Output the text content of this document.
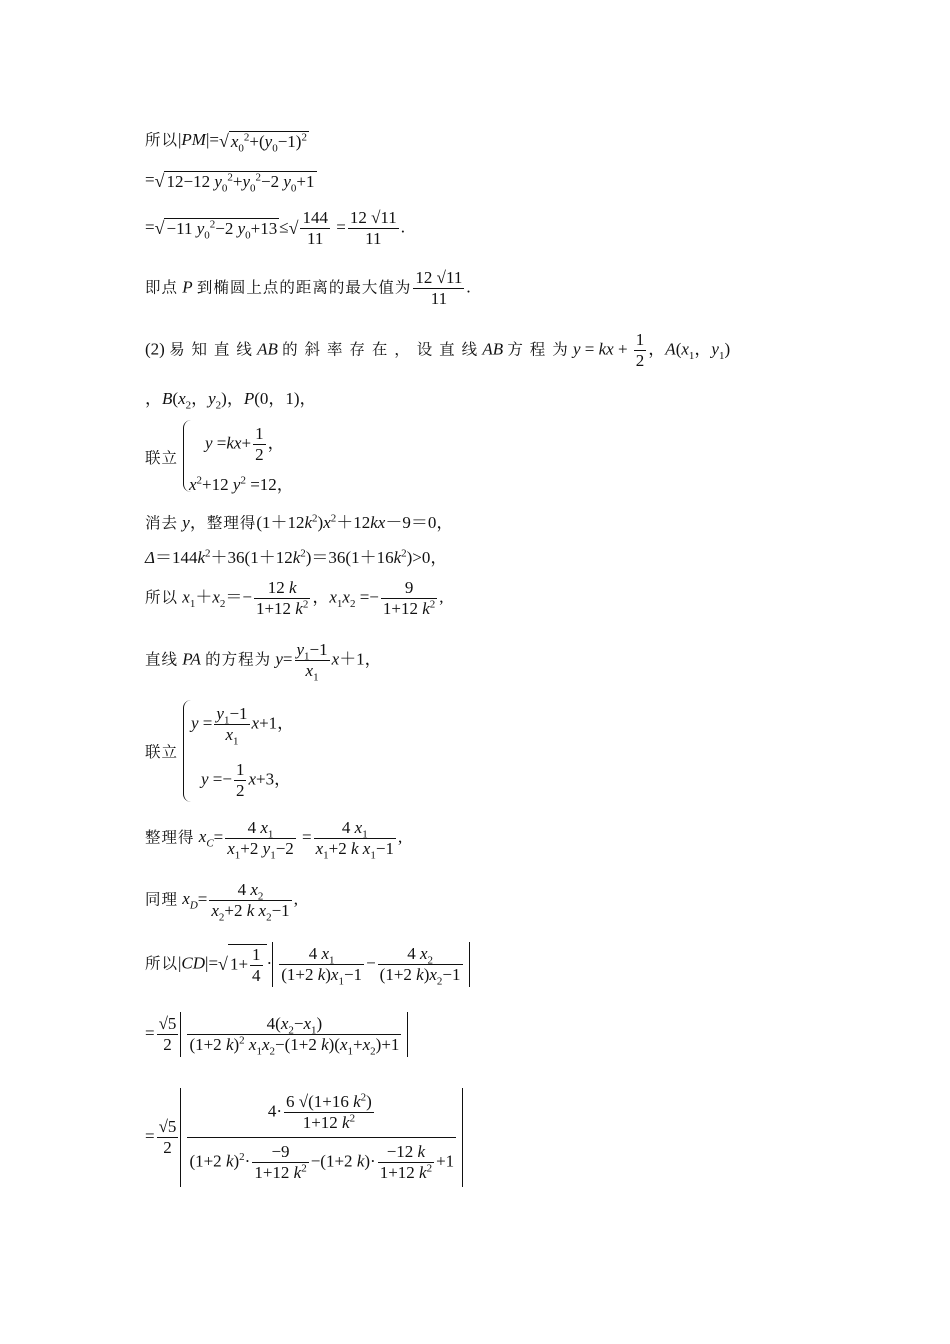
所以|PM|=√ $x_0^2+(y_0-1)^2$
=√ 12−12 $y_0^2+y_0^2-2$ $y_0+1$
=√ −11 $y_0^2-2$ $y_0+13$ ≤√ $\frac{144}{11} = \frac{12 √11}{11}$ .
即点 P 到椭圆上点的距离的最大值为 $\frac{12 √11}{11}$ .
(2) 易 知 直 线 AB 的 斜 率 存 在 ， 设 直 线 AB 方 程 为 y = kx + $\frac{1}{2}$ ，$A(x_1$，$y_1$)
，$B(x_2$，$y_2$)，P(0，1)，
联立
$y =kx+ \frac{1}{2}$ ，
$x^2+12$ $y^2 =12$，
消去 y，整理得$(1+12k^2)x^2+12kx-9=0$，
$\Delta=144k^2+36(1+12k^2)=36(1+16k^2)>0$，
所以 $x_1+x_2=- \frac{12 k}{1+12 k^2}$ ，$x_1x_2 =- \frac{9}{1+12 k^2}$ ,
直线 PA 的方程为 $y= \frac{y_1-1}{x_1} x+1$，
联立
$y = \frac{y_1-1}{x_1} x+1$，
$y =- \frac{1}{2} x+3$，
整理得 $x_C= \frac{4 x_1}{x_1+2 y_1-2} = \frac{4 x_1}{x_1+2 k x_1-1}$ ,
同理 $x_D= \frac{4 x_2}{x_2+2 k x_2-1}$ ,
所以|CD|=√ $1+ \frac{1}{4} \cdot \frac{4 x_1}{(1+2 k)x_1-1} - \frac{4 x_2}{(1+2 k)x_2-1}$
= $\frac{√5}{2} \frac{4(x_2-x_1)}{(1+2 k)^2 x_1x_2-(1+2 k)(x_1+x_2)+1}$
= $\frac{√5}{2} \frac{4\cdot \frac{6 √(1+16 k^2)}{1+12 k^2}}{(1+2 k)^2\cdot \frac{-9}{1+12 k^2} -(1+2 k)\cdot \frac{-12 k}{1+12 k^2} +1}$
